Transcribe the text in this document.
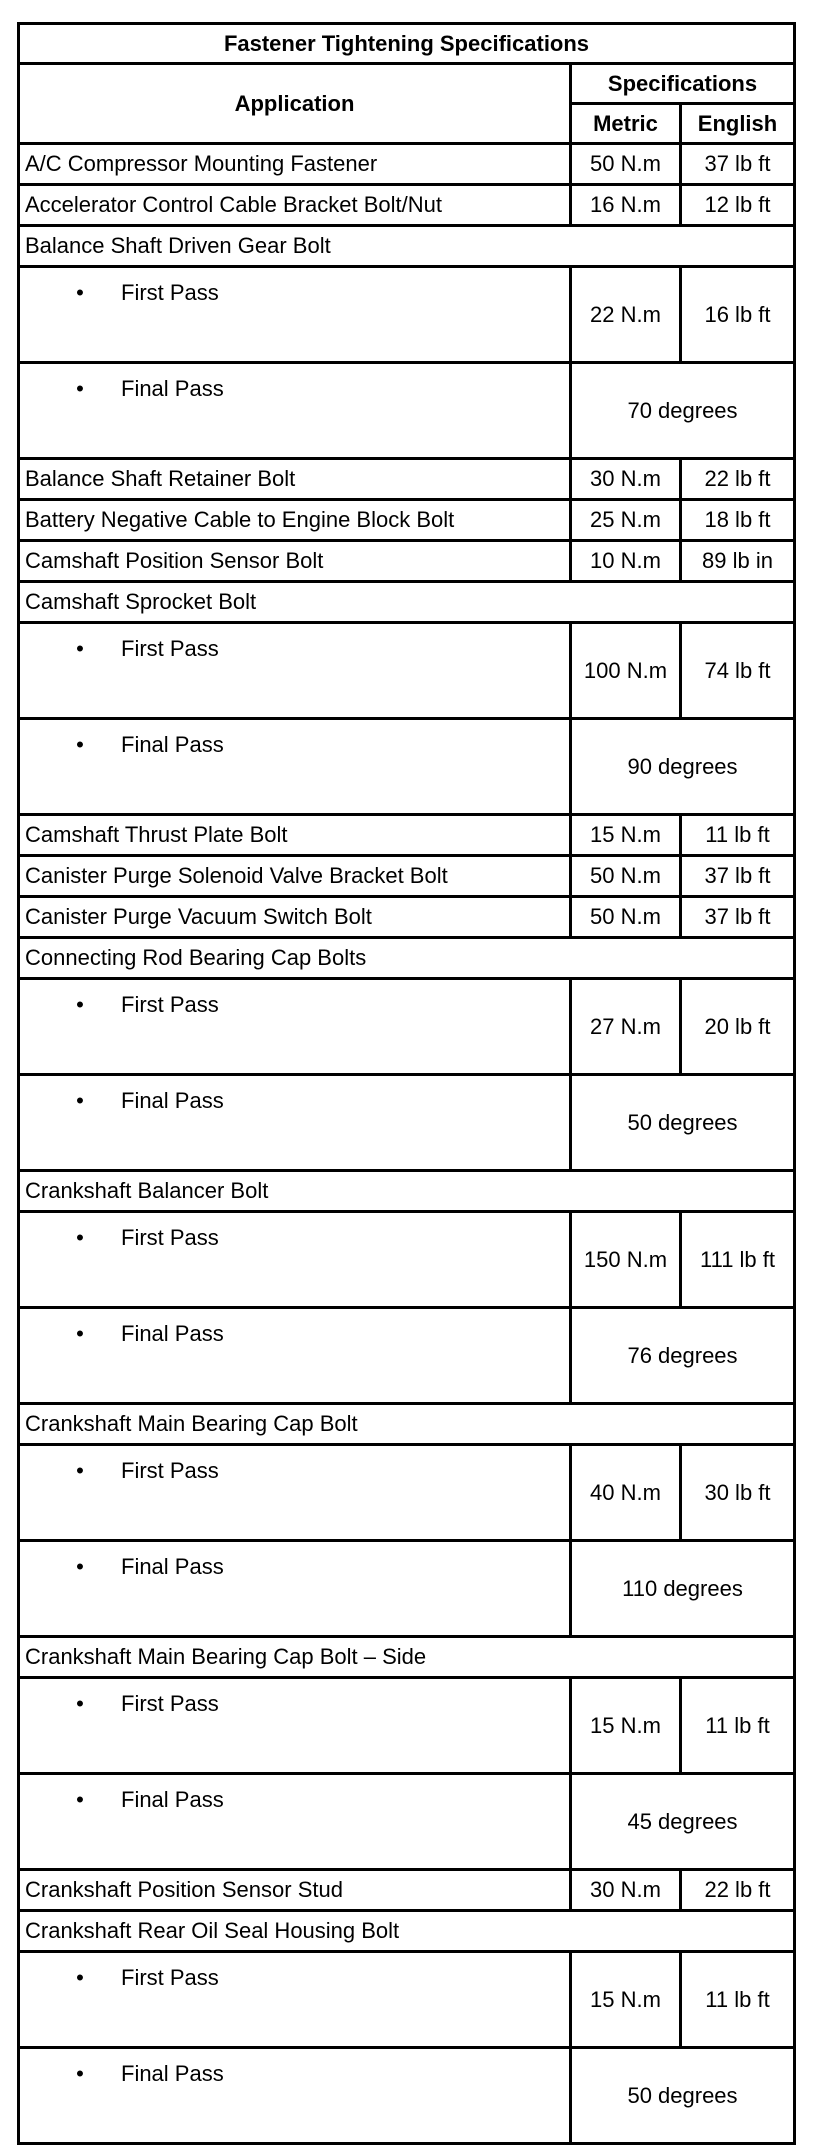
Fastener Tightening Specifications		
Application	Specifications	
	Metric	English
A/C Compressor Mounting Fastener	50 N.m	37 lb ft
Accelerator Control Cable Bracket Bolt/Nut	16 N.m	12 lb ft
Balance Shaft Driven Gear Bolt		
• First Pass	22 N.m	16 lb ft
• Final Pass	70 degrees	
Balance Shaft Retainer Bolt	30 N.m	22 lb ft
Battery Negative Cable to Engine Block Bolt	25 N.m	18 lb ft
Camshaft Position Sensor Bolt	10 N.m	89 lb in
Camshaft Sprocket Bolt		
• First Pass	100 N.m	74 lb ft
• Final Pass	90 degrees	
Camshaft Thrust Plate Bolt	15 N.m	11 lb ft
Canister Purge Solenoid Valve Bracket Bolt	50 N.m	37 lb ft
Canister Purge Vacuum Switch Bolt	50 N.m	37 lb ft
Connecting Rod Bearing Cap Bolts		
• First Pass	27 N.m	20 lb ft
• Final Pass	50 degrees	
Crankshaft Balancer Bolt		
• First Pass	150 N.m	111 lb ft
• Final Pass	76 degrees	
Crankshaft Main Bearing Cap Bolt		
• First Pass	40 N.m	30 lb ft
• Final Pass	110 degrees	
Crankshaft Main Bearing Cap Bolt – Side		
• First Pass	15 N.m	11 lb ft
• Final Pass	45 degrees	
Crankshaft Position Sensor Stud	30 N.m	22 lb ft
Crankshaft Rear Oil Seal Housing Bolt		
• First Pass	15 N.m	11 lb ft
• Final Pass	50 degrees	
